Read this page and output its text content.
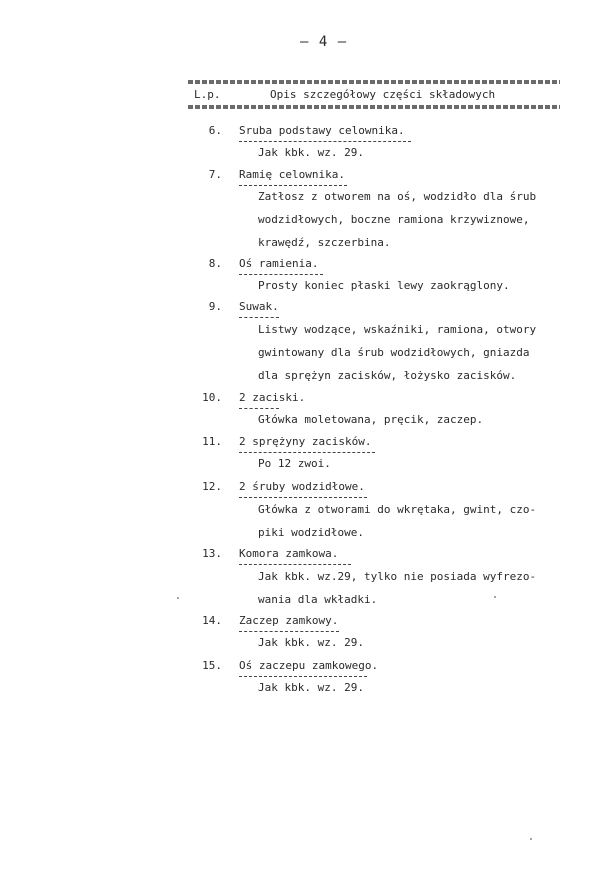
— 4 —
L.p.	Opis szczegółowy części składowych
6. Sruba podstawy celownika.
Jak kbk. wz. 29.
7. Ramię celownika.
Zatłosz z otworem na oś, wodzidło dla śrub
wodzidłowych, boczne ramiona krzywiznowe,
krawędź, szczerbina.
8. Oś ramienia.
Prosty koniec płaski lewy zaokrąglony.
9. Suwak.
Listwy wodzące, wskaźniki, ramiona, otwory
gwintowany dla śrub wodzidłowych, gniazda
dla sprężyn zacisków, łożysko zacisków.
10. 2 zaciski.
Główka moletowana, pręcik, zaczep.
11. 2 sprężyny zacisków.
Po 12 zwoi.
12. 2 śruby wodzidłowe.
Główka z otworami do wkrętaka, gwint, czo-
piki wodzidłowe.
13. Komora zamkowa.
Jak kbk. wz.29, tylko nie posiada wyfrezo-
wania dla wkładki.
14. Zaczep zamkowy.
Jak kbk. wz. 29.
15. Oś zaczepu zamkowego.
Jak kbk. wz. 29.
